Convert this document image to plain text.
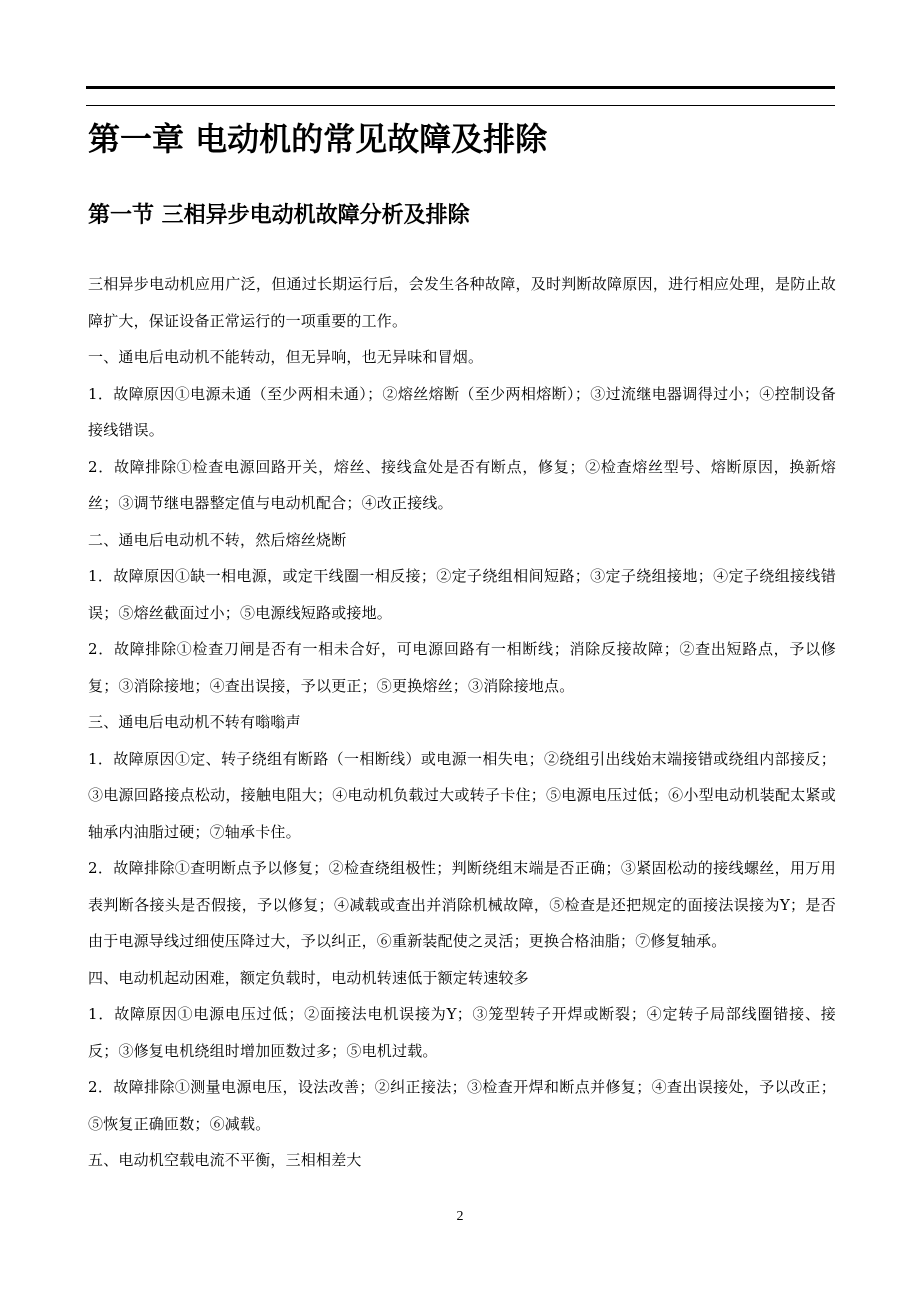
第一章 电动机的常见故障及排除
第一节 三相异步电动机故障分析及排除

三相异步电动机应用广泛，但通过长期运行后，会发生各种故障，及时判断故障原因，进行相应处理，是防止故障扩大，保证设备正常运行的一项重要的工作。

一、通电后电动机不能转动，但无异响，也无异味和冒烟。

1．故障原因①电源未通（至少两相未通）；②熔丝熔断（至少两相熔断）；③过流继电器调得过小；④控制设备接线错误。

2．故障排除①检查电源回路开关，熔丝、接线盒处是否有断点，修复；②检查熔丝型号、熔断原因，换新熔丝；③调节继电器整定值与电动机配合；④改正接线。

二、通电后电动机不转，然后熔丝烧断

1．故障原因①缺一相电源，或定干线圈一相反接；②定子绕组相间短路；③定子绕组接地；④定子绕组接线错误；⑤熔丝截面过小；⑤电源线短路或接地。

2．故障排除①检查刀闸是否有一相未合好，可电源回路有一相断线；消除反接故障；②查出短路点，予以修复；③消除接地；④查出误接，予以更正；⑤更换熔丝；③消除接地点。

三、通电后电动机不转有嗡嗡声

1．故障原因①定、转子绕组有断路（一相断线）或电源一相失电；②绕组引出线始末端接错或绕组内部接反；③电源回路接点松动，接触电阻大；④电动机负载过大或转子卡住；⑤电源电压过低；⑥小型电动机装配太紧或轴承内油脂过硬；⑦轴承卡住。

2．故障排除①查明断点予以修复；②检查绕组极性；判断绕组末端是否正确；③紧固松动的接线螺丝，用万用表判断各接头是否假接，予以修复；④减载或查出并消除机械故障，⑤检查是还把规定的面接法误接为Y；是否由于电源导线过细使压降过大，予以纠正，⑥重新装配使之灵活；更换合格油脂；⑦修复轴承。

四、电动机起动困难，额定负载时，电动机转速低于额定转速较多

1．故障原因①电源电压过低；②面接法电机误接为Y；③笼型转子开焊或断裂；④定转子局部线圈错接、接反；③修复电机绕组时增加匝数过多；⑤电机过载。

2．故障排除①测量电源电压，设法改善；②纠正接法；③检查开焊和断点并修复；④查出误接处，予以改正；⑤恢复正确匝数；⑥减载。

五、电动机空载电流不平衡，三相相差大

2
